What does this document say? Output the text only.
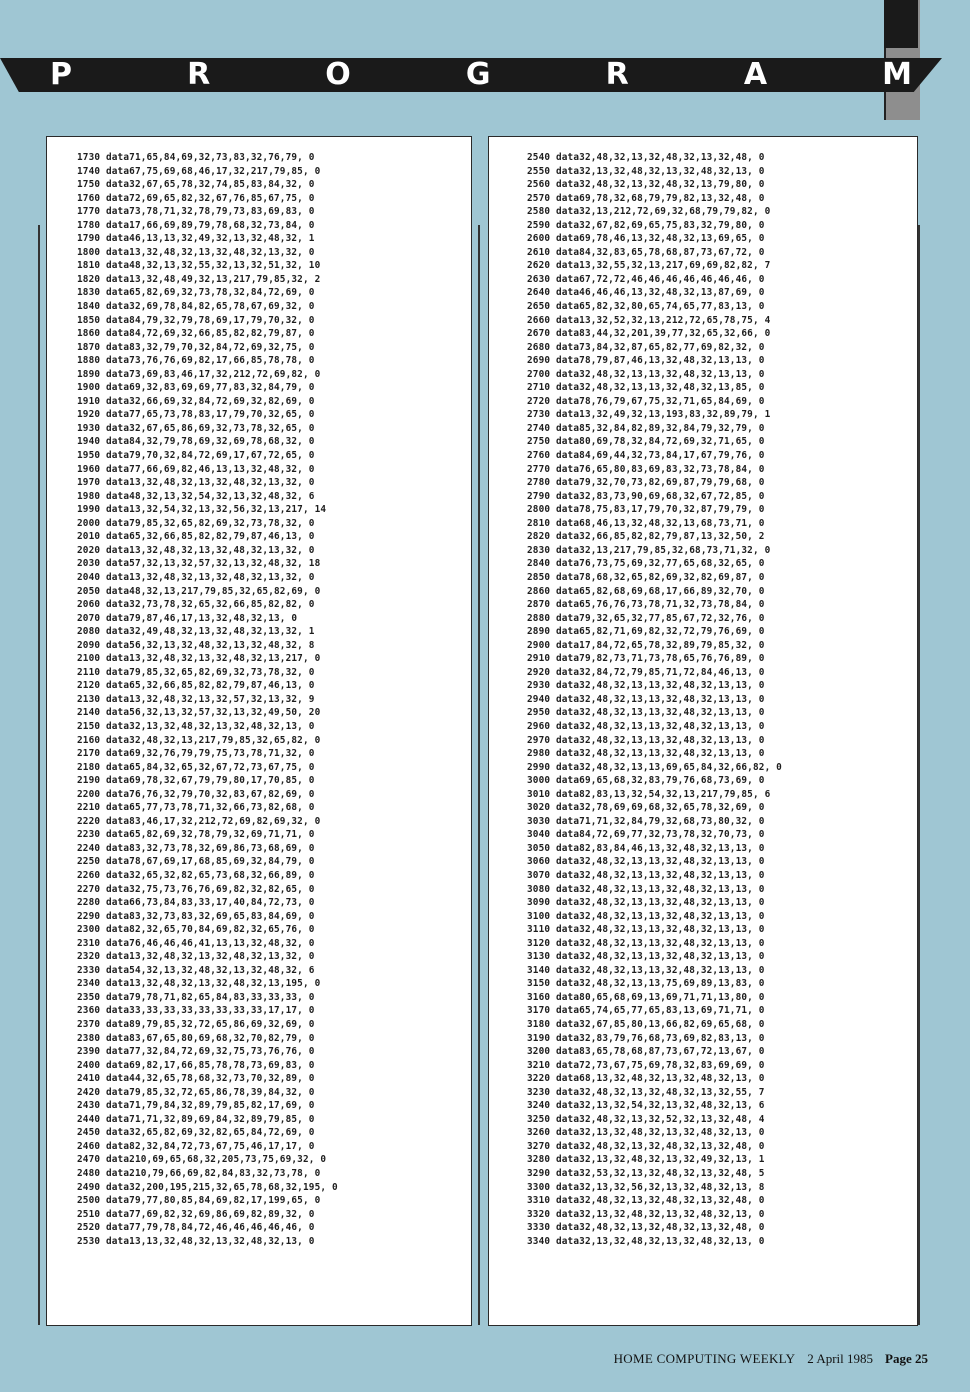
P	R	O	G	R	A	M
1730 data71,65,84,69,32,73,83,32,76,79, 0
1740 data67,75,69,68,46,17,32,217,79,85, 0
1750 data32,67,65,78,32,74,85,83,84,32, 0
1760 data72,69,65,82,32,67,76,85,67,75, 0
1770 data73,78,71,32,78,79,73,83,69,83, 0
1780 data17,66,69,89,79,78,68,32,73,84, 0
1790 data46,13,13,32,49,32,13,32,48,32, 1
1800 data13,32,48,32,13,32,48,32,13,32, 0
1810 data48,32,13,32,55,32,13,32,51,32, 10
1820 data13,32,48,49,32,13,217,79,85,32, 2
1830 data65,82,69,32,73,78,32,84,72,69, 0
1840 data32,69,78,84,82,65,78,67,69,32, 0
1850 data84,79,32,79,78,69,17,79,70,32, 0
1860 data84,72,69,32,66,85,82,82,79,87, 0
1870 data83,32,79,70,32,84,72,69,32,75, 0
1880 data73,76,76,69,82,17,66,85,78,78, 0
1890 data73,69,83,46,17,32,212,72,69,82, 0
1900 data69,32,83,69,69,77,83,32,84,79, 0
1910 data32,66,69,32,84,72,69,32,82,69, 0
1920 data77,65,73,78,83,17,79,70,32,65, 0
1930 data32,67,65,86,69,32,73,78,32,65, 0
1940 data84,32,79,78,69,32,69,78,68,32, 0
1950 data79,70,32,84,72,69,17,67,72,65, 0
1960 data77,66,69,82,46,13,13,32,48,32, 0
1970 data13,32,48,32,13,32,48,32,13,32, 0
1980 data48,32,13,32,54,32,13,32,48,32, 6
1990 data13,32,54,32,13,32,56,32,13,217, 14
2000 data79,85,32,65,82,69,32,73,78,32, 0
2010 data65,32,66,85,82,82,79,87,46,13, 0
2020 data13,32,48,32,13,32,48,32,13,32, 0
2030 data57,32,13,32,57,32,13,32,48,32, 18
2040 data13,32,48,32,13,32,48,32,13,32, 0
2050 data48,32,13,217,79,85,32,65,82,69, 0
2060 data32,73,78,32,65,32,66,85,82,82, 0
2070 data79,87,46,17,13,32,48,32,13, 0
2080 data32,49,48,32,13,32,48,32,13,32, 1
2090 data56,32,13,32,48,32,13,32,48,32, 8
2100 data13,32,48,32,13,32,48,32,13,217, 0
2110 data79,85,32,65,82,69,32,73,78,32, 0
2120 data65,32,66,85,82,82,79,87,46,13, 0
2130 data13,32,48,32,13,32,57,32,13,32, 9
2140 data56,32,13,32,57,32,13,32,49,50, 20
2150 data32,13,32,48,32,13,32,48,32,13, 0
2160 data32,48,32,13,217,79,85,32,65,82, 0
2170 data69,32,76,79,79,75,73,78,71,32, 0
2180 data65,84,32,65,32,67,72,73,67,75, 0
2190 data69,78,32,67,79,79,80,17,70,85, 0
2200 data76,76,32,79,70,32,83,67,82,69, 0
2210 data65,77,73,78,71,32,66,73,82,68, 0
2220 data83,46,17,32,212,72,69,82,69,32, 0
2230 data65,82,69,32,78,79,32,69,71,71, 0
2240 data83,32,73,78,32,69,86,73,68,69, 0
2250 data78,67,69,17,68,85,69,32,84,79, 0
2260 data32,65,32,82,65,73,68,32,66,89, 0
2270 data32,75,73,76,76,69,82,32,82,65, 0
2280 data66,73,84,83,33,17,40,84,72,73, 0
2290 data83,32,73,83,32,69,65,83,84,69, 0
2300 data82,32,65,70,84,69,82,32,65,76, 0
2310 data76,46,46,46,41,13,13,32,48,32, 0
2320 data13,32,48,32,13,32,48,32,13,32, 0
2330 data54,32,13,32,48,32,13,32,48,32, 6
2340 data13,32,48,32,13,32,48,32,13,195, 0
2350 data79,78,71,82,65,84,83,33,33,33, 0
2360 data33,33,33,33,33,33,33,33,17,17, 0
2370 data89,79,85,32,72,65,86,69,32,69, 0
2380 data83,67,65,80,69,68,32,70,82,79, 0
2390 data77,32,84,72,69,32,75,73,76,76, 0
2400 data69,82,17,66,85,78,78,73,69,83, 0
2410 data44,32,65,78,68,32,73,70,32,89, 0
2420 data79,85,32,72,65,86,78,39,84,32, 0
2430 data71,79,84,32,89,79,85,82,17,69, 0
2440 data71,71,32,89,69,84,32,89,79,85, 0
2450 data32,65,82,69,32,82,65,84,72,69, 0
2460 data82,32,84,72,73,67,75,46,17,17, 0
2470 data210,69,65,68,32,205,73,75,69,32, 0
2480 data210,79,66,69,82,84,83,32,73,78, 0
2490 data32,200,195,215,32,65,78,68,32,195, 0
2500 data79,77,80,85,84,69,82,17,199,65, 0
2510 data77,69,82,32,69,86,69,82,89,32, 0
2520 data77,79,78,84,72,46,46,46,46,46, 0
2530 data13,13,32,48,32,13,32,48,32,13, 0
2540 data32,48,32,13,32,48,32,13,32,48, 0
2550 data32,13,32,48,32,13,32,48,32,13, 0
2560 data32,48,32,13,32,48,32,13,79,80, 0
2570 data69,78,32,68,79,79,82,13,32,48, 0
2580 data32,13,212,72,69,32,68,79,79,82, 0
2590 data32,67,82,69,65,75,83,32,79,80, 0
2600 data69,78,46,13,32,48,32,13,69,65, 0
2610 data84,32,83,65,78,68,87,73,67,72, 0
2620 data13,32,55,32,13,217,69,69,82,82, 7
2630 data67,72,72,46,46,46,46,46,46,46, 0
2640 data46,46,46,13,32,48,32,13,87,69, 0
2650 data65,82,32,80,65,74,65,77,83,13, 0
2660 data13,32,52,32,13,212,72,65,78,75, 4
2670 data83,44,32,201,39,77,32,65,32,66, 0
2680 data73,84,32,87,65,82,77,69,82,32, 0
2690 data78,79,87,46,13,32,48,32,13,13, 0
2700 data32,48,32,13,13,32,48,32,13,13, 0
2710 data32,48,32,13,13,32,48,32,13,85, 0
2720 data78,76,79,67,75,32,71,65,84,69, 0
2730 data13,32,49,32,13,193,83,32,89,79, 1
2740 data85,32,84,82,89,32,84,79,32,79, 0
2750 data80,69,78,32,84,72,69,32,71,65, 0
2760 data84,69,44,32,73,84,17,67,79,76, 0
2770 data76,65,80,83,69,83,32,73,78,84, 0
2780 data79,32,70,73,82,69,87,79,79,68, 0
2790 data32,83,73,90,69,68,32,67,72,85, 0
2800 data78,75,83,17,79,70,32,87,79,79, 0
2810 data68,46,13,32,48,32,13,68,73,71, 0
2820 data32,66,85,82,82,79,87,13,32,50, 2
2830 data32,13,217,79,85,32,68,73,71,32, 0
2840 data76,73,75,69,32,77,65,68,32,65, 0
2850 data78,68,32,65,82,69,32,82,69,87, 0
2860 data65,82,68,69,68,17,66,89,32,70, 0
2870 data65,76,76,73,78,71,32,73,78,84, 0
2880 data79,32,65,32,77,85,67,72,32,76, 0
2890 data65,82,71,69,82,32,72,79,76,69, 0
2900 data17,84,72,65,78,32,89,79,85,32, 0
2910 data79,82,73,71,73,78,65,76,76,89, 0
2920 data32,84,72,79,85,71,72,84,46,13, 0
2930 data32,48,32,13,13,32,48,32,13,13, 0
2940 data32,48,32,13,13,32,48,32,13,13, 0
2950 data32,48,32,13,13,32,48,32,13,13, 0
2960 data32,48,32,13,13,32,48,32,13,13, 0
2970 data32,48,32,13,13,32,48,32,13,13, 0
2980 data32,48,32,13,13,32,48,32,13,13, 0
2990 data32,48,32,13,13,69,65,84,32,66,82, 0
3000 data69,65,68,32,83,79,76,68,73,69, 0
3010 data82,83,13,32,54,32,13,217,79,85, 6
3020 data32,78,69,69,68,32,65,78,32,69, 0
3030 data71,71,32,84,79,32,68,73,80,32, 0
3040 data84,72,69,77,32,73,78,32,70,73, 0
3050 data82,83,84,46,13,32,48,32,13,13, 0
3060 data32,48,32,13,13,32,48,32,13,13, 0
3070 data32,48,32,13,13,32,48,32,13,13, 0
3080 data32,48,32,13,13,32,48,32,13,13, 0
3090 data32,48,32,13,13,32,48,32,13,13, 0
3100 data32,48,32,13,13,32,48,32,13,13, 0
3110 data32,48,32,13,13,32,48,32,13,13, 0
3120 data32,48,32,13,13,32,48,32,13,13, 0
3130 data32,48,32,13,13,32,48,32,13,13, 0
3140 data32,48,32,13,13,32,48,32,13,13, 0
3150 data32,48,32,13,13,75,69,89,13,83, 0
3160 data80,65,68,69,13,69,71,71,13,80, 0
3170 data65,74,65,77,65,83,13,69,71,71, 0
3180 data32,67,85,80,13,66,82,69,65,68, 0
3190 data32,83,79,76,68,73,69,82,83,13, 0
3200 data83,65,78,68,87,73,67,72,13,67, 0
3210 data72,73,67,75,69,78,32,83,69,69, 0
3220 data68,13,32,48,32,13,32,48,32,13, 0
3230 data32,48,32,13,32,48,32,13,32,55, 7
3240 data32,13,32,54,32,13,32,48,32,13, 6
3250 data32,48,32,13,32,52,32,13,32,48, 4
3260 data32,13,32,48,32,13,32,48,32,13, 0
3270 data32,48,32,13,32,48,32,13,32,48, 0
3280 data32,13,32,48,32,13,32,49,32,13, 1
3290 data32,53,32,13,32,48,32,13,32,48, 5
3300 data32,13,32,56,32,13,32,48,32,13, 8
3310 data32,48,32,13,32,48,32,13,32,48, 0
3320 data32,13,32,48,32,13,32,48,32,13, 0
3330 data32,48,32,13,32,48,32,13,32,48, 0
3340 data32,13,32,48,32,13,32,48,32,13, 0
HOME COMPUTING WEEKLY 2 April 1985 Page 25
